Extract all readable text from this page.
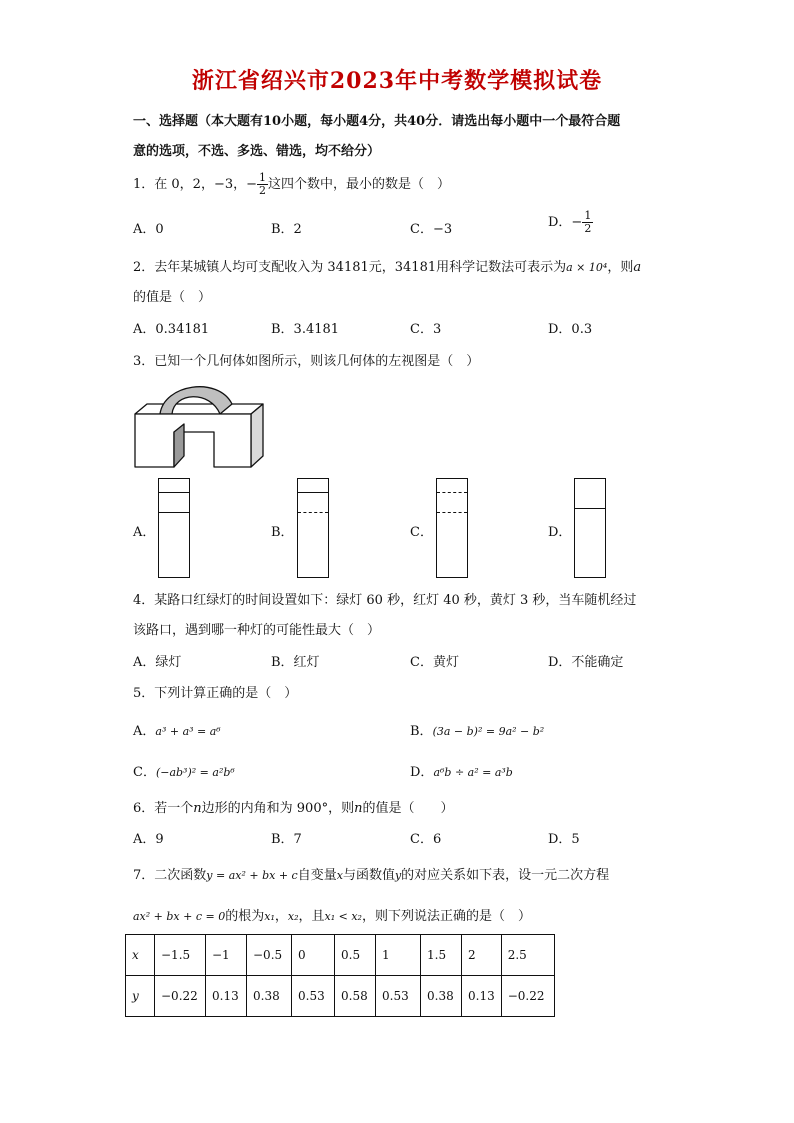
浙江省绍兴市2023年中考数学模拟试卷
一、选择题（本大题有10小题，每小题4分，共40分．请选出每小题中一个最符合题
意的选项，不选、多选、错选，均不给分）
1．在 0，2，−3，− $\frac{1}{2}$ 这四个数中，最小的数是（　）
A．0	B．2	C．−3	D．− $\frac{1}{2}$
2．去年某城镇人均可支配收入为 34181元，34181用科学记数法可表示为a × 10⁴，则a
的值是（　）
A．0.34181	B．3.4181	C．3	D．0.3
3．已知一个几何体如图所示，则该几何体的左视图是（　）
A．	B．	C．	D．
4．某路口红绿灯的时间设置如下：绿灯 60 秒，红灯 40 秒，黄灯 3 秒，当车随机经过
该路口，遇到哪一种灯的可能性最大（　）
A．绿灯	B．红灯	C．黄灯	D．不能确定
5．下列计算正确的是（　）
A．a³ + a³ = a⁶	B．(3a − b)² = 9a² − b²
C．(−ab³)² = a²b⁶	D．a⁶b ÷ a² = a³b
6．若一个n边形的内角和为 900°，则n的值是（　　）
A．9	B．7	C．6	D．5
7．二次函数y = ax² + bx + c自变量x与函数值y的对应关系如下表，设一元二次方程
ax² + bx + c = 0的根为x₁，x₂，且x₁ < x₂，则下列说法正确的是（　）
x	−1.5	−1	−0.5	0	0.5	1	1.5	2	2.5
y	−0.22	0.13	0.38	0.53	0.58	0.53	0.38	0.13	−0.22
